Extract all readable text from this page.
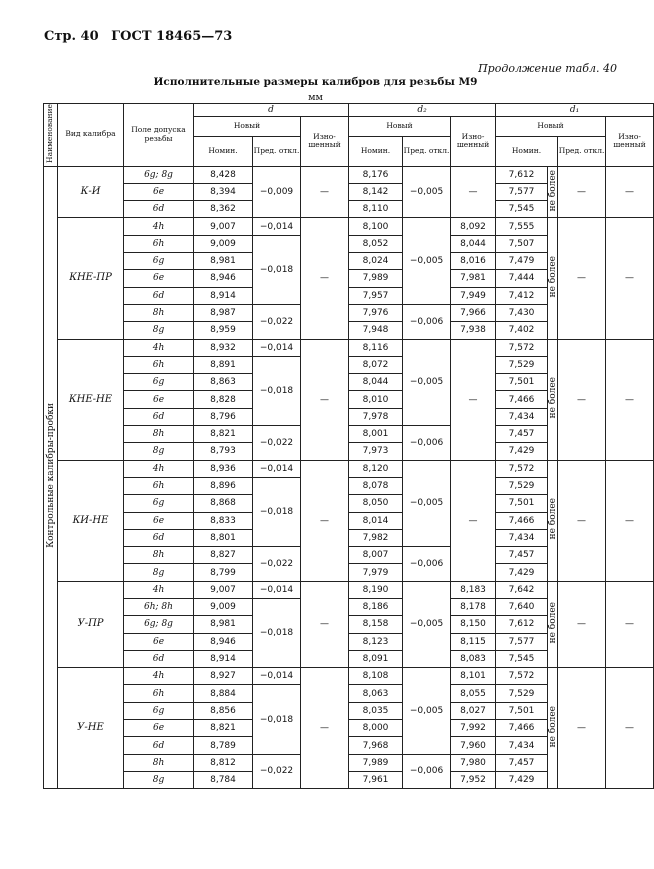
Стр. 40 ГОСТ 18465—73
Продолжение табл. 40
Исполнительные размеры калибров для резьбы М9
мм
Наименование	Вид калибра	Поле допуска резьбы	d			d₂			d₁			
			Новый		Изно-шенный	Новый		Изно-шенный	Новый			Изно-шенный
			Номин.	Пред. откл.		Номин.	Пред. откл.		Номин.		Пред. откл.	
Контрольные калибры-пробки	К-И	6g; 8g	8,428	−0,009	—	8,176	−0,005	—	7,612	не более	—	—
		6e	8,394			8,142			7,577			
		6d	8,362			8,110			7,545			
	КНЕ-ПР	4h	9,007	−0,014	—	8,100	−0,005	8,092	7,555	не более	—	—
		6h	9,009	−0,018		8,052		8,044	7,507			
		6g	8,981			8,024		8,016	7,479			
		6e	8,946			7,989		7,981	7,444			
		6d	8,914			7,957		7,949	7,412			
		8h	8,987	−0,022		7,976	−0,006	7,966	7,430			
		8g	8,959			7,948		7,938	7,402			
	КНЕ-НЕ	4h	8,932	−0,014	—	8,116	−0,005	—	7,572	не более	—	—
		6h	8,891	−0,018		8,072			7,529			
		6g	8,863			8,044			7,501			
		6e	8,828			8,010			7,466			
		6d	8,796			7,978			7,434			
		8h	8,821	−0,022		8,001	−0,006		7,457			
		8g	8,793			7,973			7,429			
	КИ-НЕ	4h	8,936	−0,014	—	8,120	−0,005	—	7,572	не более	—	—
		6h	8,896	−0,018		8,078			7,529			
		6g	8,868			8,050			7,501			
		6e	8,833			8,014			7,466			
		6d	8,801			7,982			7,434			
		8h	8,827	−0,022		8,007	−0,006		7,457			
		8g	8,799			7,979			7,429			
	У-ПР	4h	9,007	−0,014	—	8,190	−0,005	8,183	7,642	не более	—	—
		6h; 8h	9,009	−0,018		8,186		8,178	7,640			
		6g; 8g	8,981			8,158		8,150	7,612			
		6e	8,946			8,123		8,115	7,577			
		6d	8,914			8,091		8,083	7,545			
	У-НЕ	4h	8,927	−0,014	—	8,108	−0,005	8,101	7,572	не более	—	—
		6h	8,884	−0,018		8,063		8,055	7,529			
		6g	8,856			8,035		8,027	7,501			
		6e	8,821			8,000		7,992	7,466			
		6d	8,789			7,968		7,960	7,434			
		8h	8,812	−0,022		7,989	−0,006	7,980	7,457			
		8g	8,784			7,961		7,952	7,429			
